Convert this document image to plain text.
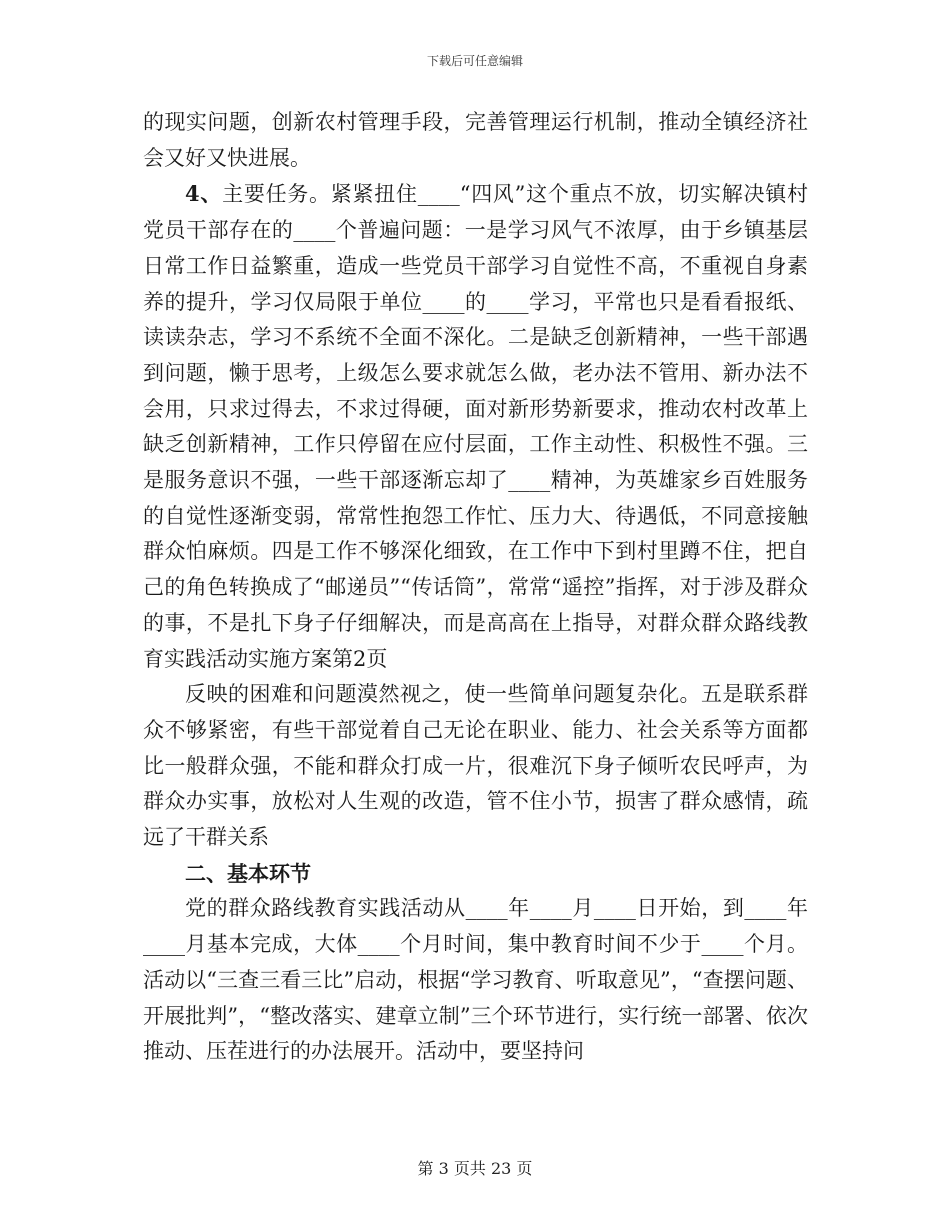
下载后可任意编辑

的现实问题，创新农村管理手段，完善管理运行机制，推动全镇经济社会又好又快进展。

4、主要任务。紧紧扭住____“四风”这个重点不放，切实解决镇村党员干部存在的____个普遍问题：一是学习风气不浓厚，由于乡镇基层日常工作日益繁重，造成一些党员干部学习自觉性不高，不重视自身素养的提升，学习仅局限于单位____的____学习，平常也只是看看报纸、读读杂志，学习不系统不全面不深化。二是缺乏创新精神，一些干部遇到问题，懒于思考，上级怎么要求就怎么做，老办法不管用、新办法不会用，只求过得去，不求过得硬，面对新形势新要求，推动农村改革上缺乏创新精神，工作只停留在应付层面，工作主动性、积极性不强。三是服务意识不强，一些干部逐渐忘却了____精神，为英雄家乡百姓服务的自觉性逐渐变弱，常常性抱怨工作忙、压力大、待遇低，不同意接触群众怕麻烦。四是工作不够深化细致，在工作中下到村里蹲不住，把自己的角色转换成了“邮递员”“传话筒”，常常“遥控”指挥，对于涉及群众的事，不是扎下身子仔细解决，而是高高在上指导，对群众群众路线教育实践活动实施方案第2页

反映的困难和问题漠然视之，使一些简单问题复杂化。五是联系群众不够紧密，有些干部觉着自己无论在职业、能力、社会关系等方面都比一般群众强，不能和群众打成一片，很难沉下身子倾听农民呼声，为群众办实事，放松对人生观的改造，管不住小节，损害了群众感情，疏远了干群关系

二、基本环节

党的群众路线教育实践活动从____年____月____日开始，到____年____月基本完成，大体____个月时间，集中教育时间不少于____个月。活动以“三查三看三比”启动，根据“学习教育、听取意见”，“查摆问题、开展批判”，“整改落实、建章立制”三个环节进行，实行统一部署、依次推动、压茬进行的办法展开。活动中，要坚持问

第 3 页共 23 页
